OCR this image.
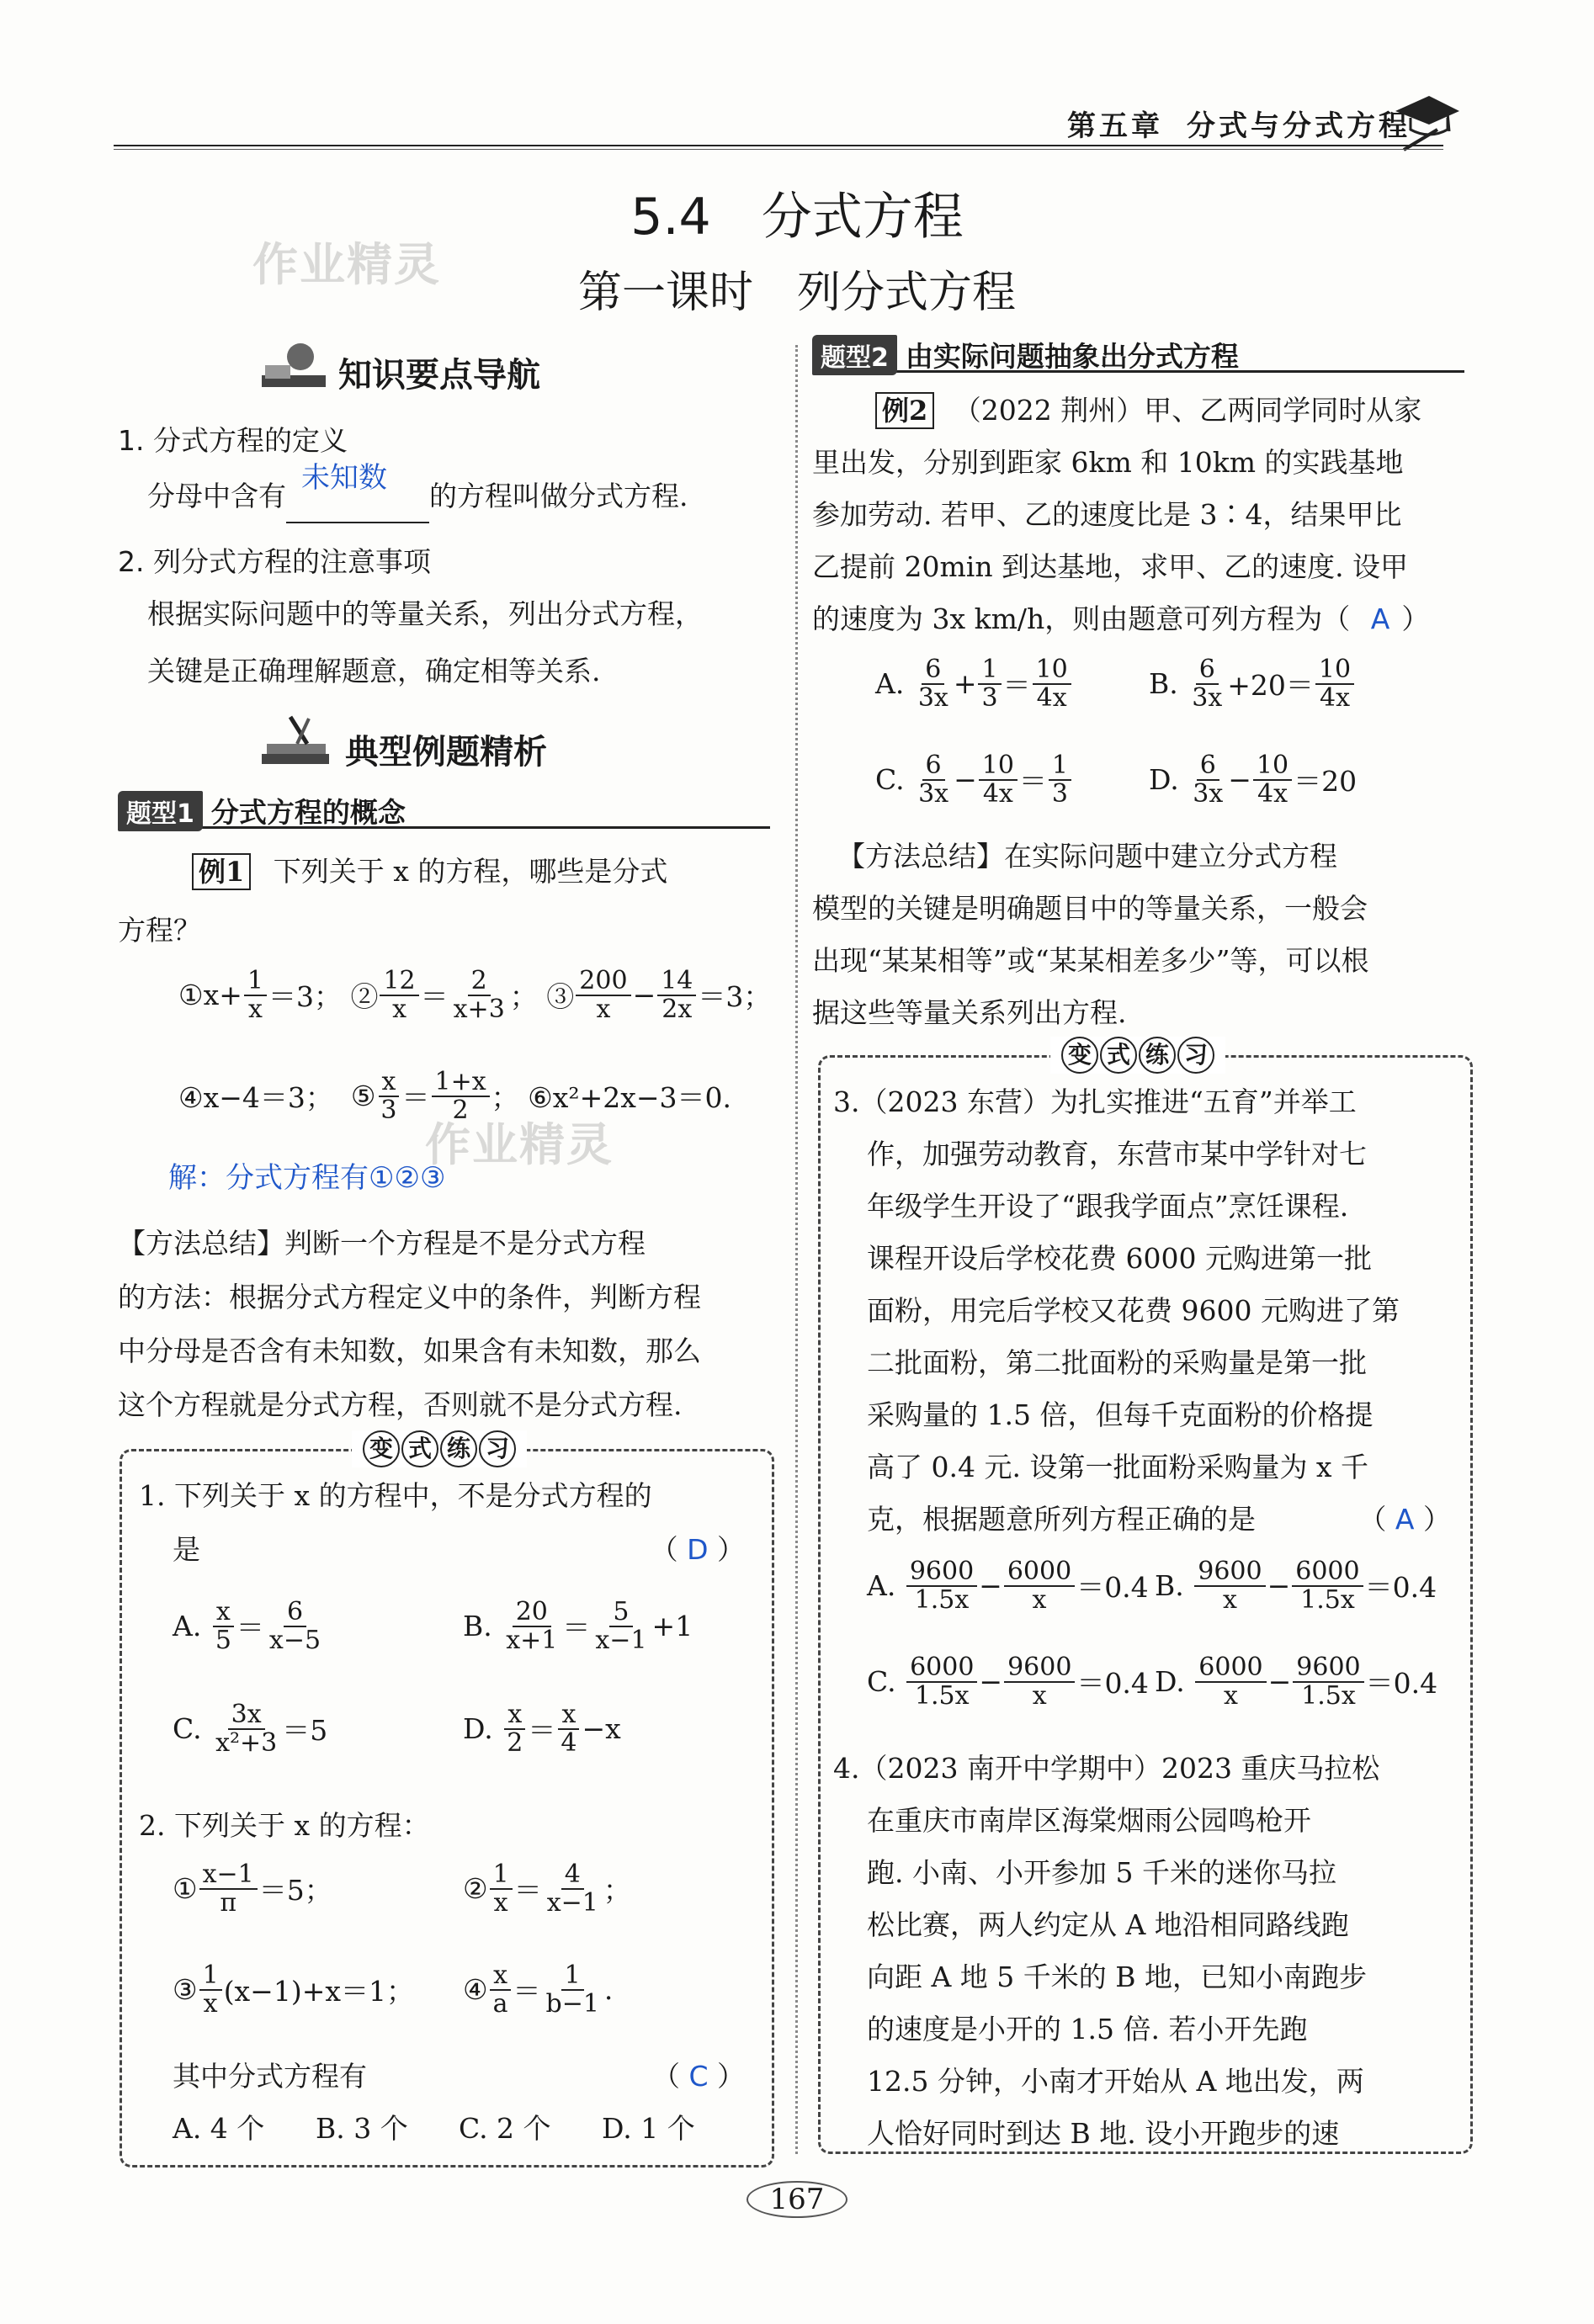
第五章 分式与分式方程
5.4　分式方程
第一课时　列分式方程
作业精灵
作业精灵
知识要点导航
1. 分式方程的定义
分母中含有
未知数
的方程叫做分式方程.
2. 列分式方程的注意事项
根据实际问题中的等量关系，列出分式方程，
关键是正确理解题意，确定相等关系.
典型例题精析
题型1 分式方程的概念
例1 下列关于 x 的方程，哪些是分式
方程？
①x+ $\frac{1}{x} =3$； ② $\frac{12}{x} = \frac{2}{x+3}$ ； ③ $\frac{200}{x} - \frac{14}{2x} =3$；
④x−4＝3； ⑤ $\frac{x}{3} = \frac{1+x}{2}$ ； ⑥x²+2x−3＝0.
解：分式方程有①②③
【方法总结】判断一个方程是不是分式方程
的方法：根据分式方程定义中的条件，判断方程
中分母是否含有未知数，如果含有未知数，那么
这个方程就是分式方程，否则就不是分式方程.
变 式 练 习
1. 下列关于 x 的方程中，不是分式方程的
是	（ D ）
A. $\frac{x}{5} = \frac{6}{x-5}$	B. $\frac{20}{x+1} = \frac{5}{x-1} +1$
C. $\frac{3x}{\text{x²+3}} =5$	D. $\frac{x}{2} = \frac{x}{4} -x$
2. 下列关于 x 的方程：
① $\frac{x-1}{\pi} =5$；	② $\frac{1}{x} = \frac{4}{x-1}$ ；
③ $\frac{1}{x} (x-1)+x=1$； ④ $\frac{x}{a} = \frac{1}{b-1}$ .
其中分式方程有	（ C ）
A. 4 个 B. 3 个 C. 2 个 D. 1 个
题型2 由实际问题抽象出分式方程
例2 （2022 荆州）甲、乙两同学同时从家
里出发，分别到距家 6km 和 10km 的实践基地
参加劳动. 若甲、乙的速度比是 3∶4，结果甲比
乙提前 20min 到达基地，求甲、乙的速度. 设甲
的速度为 3x km/h，则由题意可列方程为（ A ）
A. $\frac{6}{3x} + \frac{1}{3} = \frac{10}{4x}$	B. $\frac{6}{3x} +20= \frac{10}{4x}$
C. $\frac{6}{3x} - \frac{10}{4x} = \frac{1}{3}$	D. $\frac{6}{3x} - \frac{10}{4x} =20$
【方法总结】在实际问题中建立分式方程
模型的关键是明确题目中的等量关系，一般会
出现“某某相等”或“某某相差多少”等，可以根
据这些等量关系列出方程.
变 式 练 习
3.（2023 东营）为扎实推进“五育”并举工
作，加强劳动教育，东营市某中学针对七
年级学生开设了“跟我学面点”烹饪课程.
课程开设后学校花费 6000 元购进第一批
面粉，用完后学校又花费 9600 元购进了第
二批面粉，第二批面粉的采购量是第一批
采购量的 1.5 倍，但每千克面粉的价格提
高了 0.4 元. 设第一批面粉采购量为 x 千
克，根据题意所列方程正确的是	（ A ）
A. $\frac{9600}{1.5x} - \frac{6000}{x} =0.4$ B. $\frac{9600}{x} - \frac{6000}{1.5x} =0.4$
C. $\frac{6000}{1.5x} - \frac{9600}{x} =0.4$ D. $\frac{6000}{x} - \frac{9600}{1.5x} =0.4$
4.（2023 南开中学期中）2023 重庆马拉松
在重庆市南岸区海棠烟雨公园鸣枪开
跑. 小南、小开参加 5 千米的迷你马拉
松比赛，两人约定从 A 地沿相同路线跑
向距 A 地 5 千米的 B 地，已知小南跑步
的速度是小开的 1.5 倍. 若小开先跑
12.5 分钟，小南才开始从 A 地出发，两
人恰好同时到达 B 地. 设小开跑步的速
167
